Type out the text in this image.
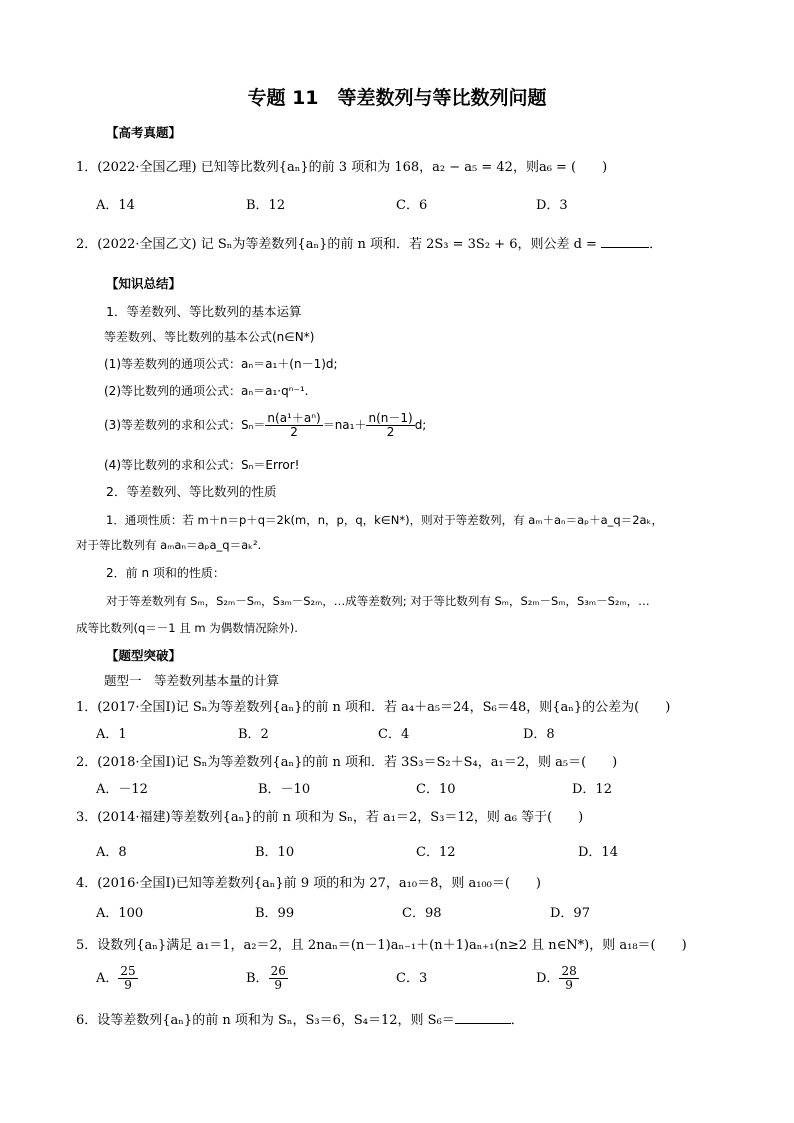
专题 11　等差数列与等比数列问题
【高考真题】
1．(2022·全国乙理) 已知等比数列{aₙ}的前 3 项和为 168，a₂ − a₅ = 42，则a₆ = (　　)
A．14	B．12	C．6	D．3
2．(2022·全国乙文) 记 Sₙ为等差数列{aₙ}的前 n 项和．若 2S₃ = 3S₂ + 6，则公差 d =	．
【知识总结】
1．等差数列、等比数列的基本运算
等差数列、等比数列的基本公式(n∈N*)
(1)等差数列的通项公式：aₙ＝a₁＋(n－1)d;
(2)等比数列的通项公式：aₙ＝a₁·qⁿ⁻¹.
(3)等差数列的求和公式：$S_n= \frac{\text{n(a¹＋aⁿ)}}{2} =na_1+ \frac{n(n-1)}{2} d$;
(4)等比数列的求和公式：Sₙ＝Error!
2．等差数列、等比数列的性质
1．通项性质：若 m＋n＝p＋q＝2k(m，n，p，q，k∈N*)，则对于等差数列，有 aₘ＋aₙ＝aₚ＋a_q＝2aₖ，
对于等比数列有 aₘaₙ＝aₚa_q＝aₖ².
2．前 n 项和的性质：
对于等差数列有 Sₘ，S₂ₘ－Sₘ，S₃ₘ－S₂ₘ，…成等差数列; 对于等比数列有 Sₘ，S₂ₘ－Sₘ，S₃ₘ－S₂ₘ，…
成等比数列(q＝－1 且 m 为偶数情况除外).
【题型突破】
题型一　等差数列基本量的计算
1．(2017·全国Ⅰ)记 Sₙ为等差数列{aₙ}的前 n 项和．若 a₄＋a₅＝24，S₆＝48，则{aₙ}的公差为(　　)
A．1	B．2	C．4	D．8
2．(2018·全国Ⅰ)记 Sₙ为等差数列{aₙ}的前 n 项和．若 3S₃＝S₂＋S₄，a₁＝2，则 a₅＝(　　)
A．－12	B．－10	C．10	D．12
3．(2014·福建)等差数列{aₙ}的前 n 项和为 Sₙ，若 a₁＝2，S₃＝12，则 a₆ 等于(　　)
A．8	B．10	C．12	D．14
4．(2016·全国Ⅰ)已知等差数列{aₙ}前 9 项的和为 27，a₁₀＝8，则 a₁₀₀＝(　　)
A．100	B．99	C．98	D．97
5．设数列{aₙ}满足 a₁＝1，a₂＝2，且 2naₙ＝(n－1)aₙ₋₁＋(n＋1)aₙ₊₁(n≥2 且 n∈N*)，则 a₁₈＝(　　)
A． $\frac{25}{9}$	B． $\frac{26}{9}$	C．3	D． $\frac{28}{9}$
6．设等差数列{aₙ}的前 n 项和为 Sₙ，S₃＝6，S₄＝12，则 S₆＝	．
